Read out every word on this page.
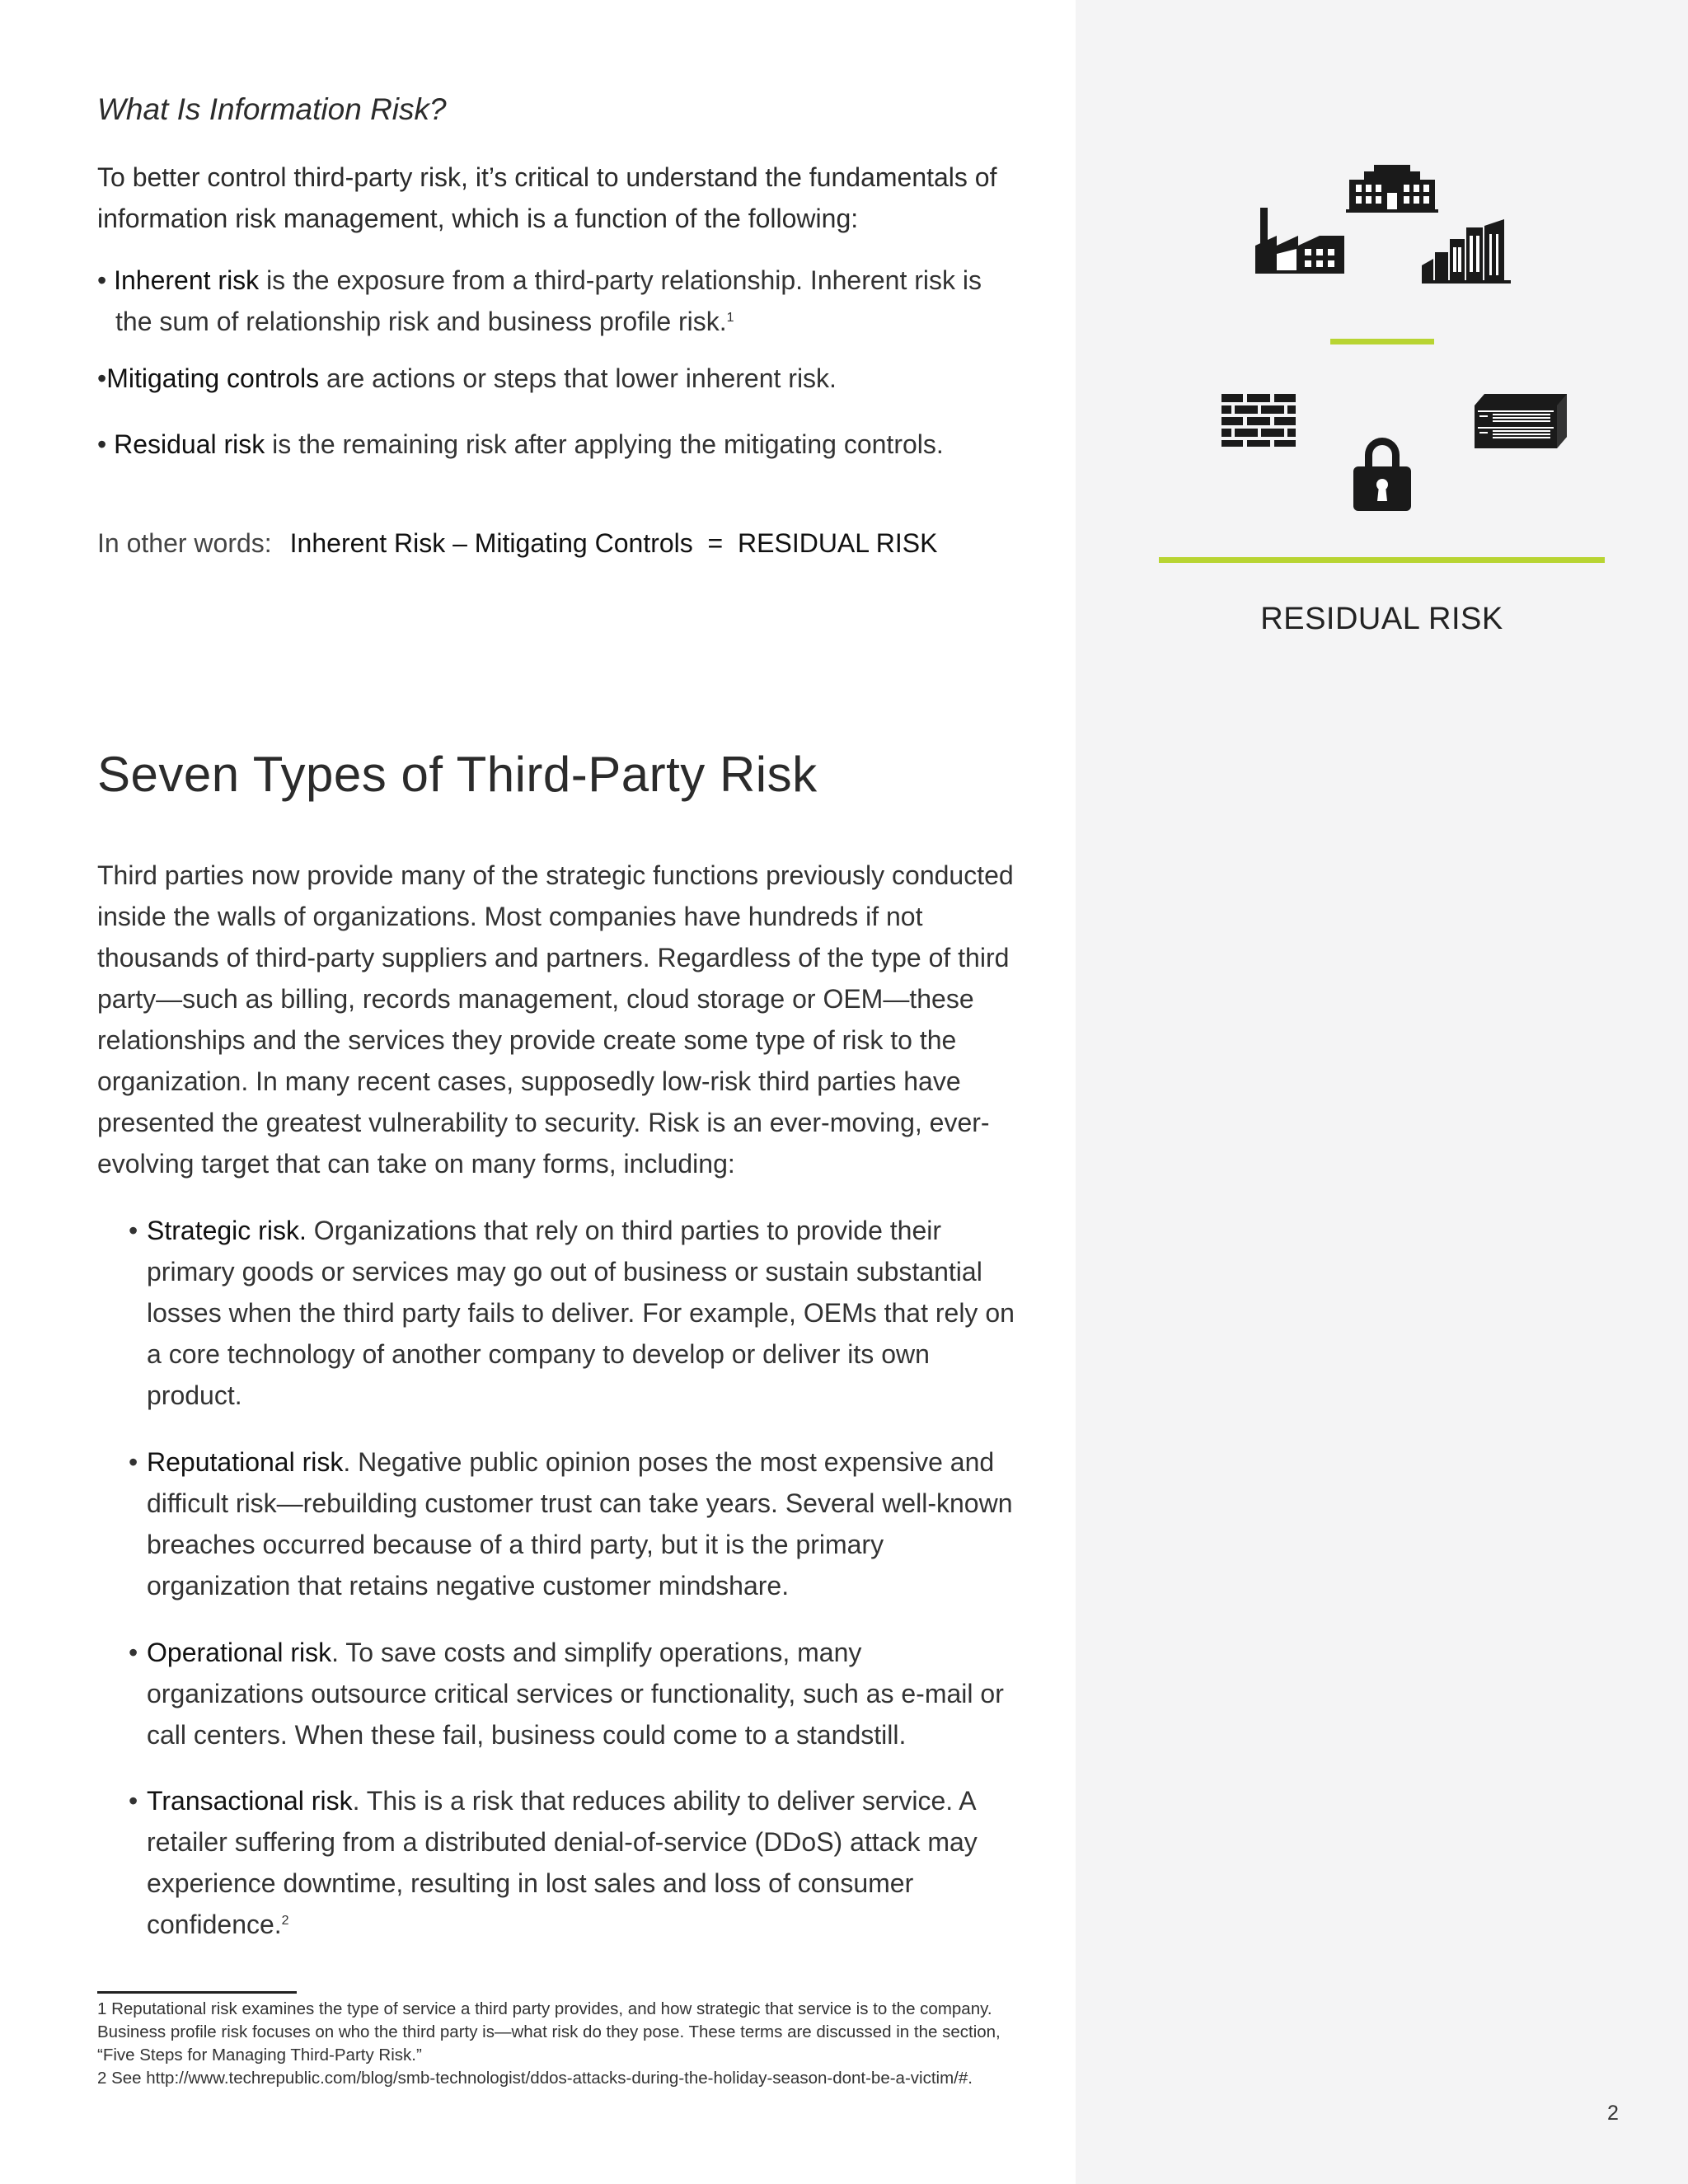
RESIDUAL RISK
What Is Information Risk?

To better control third-party risk, it’s critical to understand the fundamentals of information risk management, which is a function of the following:

• Inherent risk is the exposure from a third-party relationship. Inherent risk is
the sum of relationship risk and business profile risk.$^1$

•Mitigating controls are actions or steps that lower inherent risk.

• Residual risk is the remaining risk after applying the mitigating controls.

In other words: Inherent Risk – Mitigating Controls  =  RESIDUAL RISK

Seven Types of Third-Party Risk

Third parties now provide many of the strategic functions previously conducted inside the walls of organizations. Most companies have hundreds if not thousands of third-party suppliers and partners. Regardless of the type of third party—such as billing, records management, cloud storage or OEM—these relationships and the services they provide create some type of risk to the organization. In many recent cases, supposedly low-risk third parties have presented the greatest vulnerability to security. Risk is an ever-moving, ever-evolving target that can take on many forms, including:

• Strategic risk. Organizations that rely on third parties to provide their primary goods or services may go out of business or sustain substantial losses when the third party fails to deliver. For example, OEMs that rely on a core technology of another company to develop or deliver its own product.

• Reputational risk. Negative public opinion poses the most expensive and difficult risk—rebuilding customer trust can take years. Several well-known breaches occurred because of a third party, but it is the primary organization that retains negative customer mindshare.

• Operational risk. To save costs and simplify operations, many organizations outsource critical services or functionality, such as e-mail or call centers. When these fail, business could come to a standstill.

• Transactional risk. This is a risk that reduces ability to deliver service. A retailer suffering from a distributed denial-of-service (DDoS) attack may experience downtime, resulting in lost sales and loss of consumer confidence.$^2$

1 Reputational risk examines the type of service a third party provides, and how strategic that service is to the company. Business profile risk focuses on who the third party is—what risk do they pose. These terms are discussed in the section, “Five Steps for Managing Third-Party Risk.”

2 See http://www.techrepublic.com/blog/smb-technologist/ddos-attacks-during-the-holiday-season-dont-be-a-victim/#.

2
